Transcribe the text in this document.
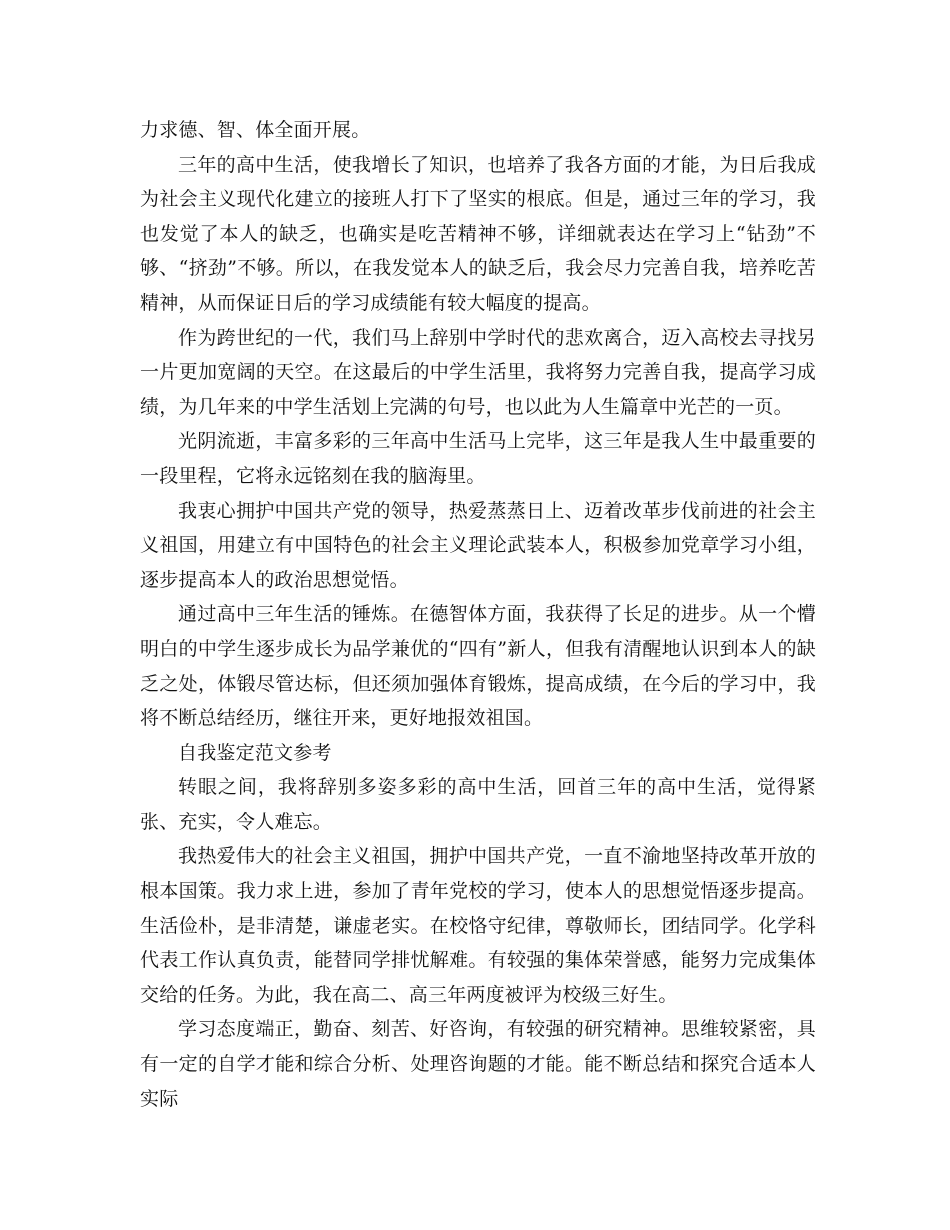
力求德、智、体全面开展。

三年的高中生活，使我增长了知识，也培养了我各方面的才能，为日后我成为社会主义现代化建立的接班人打下了坚实的根底。但是，通过三年的学习，我也发觉了本人的缺乏，也确实是吃苦精神不够，详细就表达在学习上“钻劲”不够、“挤劲”不够。所以，在我发觉本人的缺乏后，我会尽力完善自我，培养吃苦精神，从而保证日后的学习成绩能有较大幅度的提高。

作为跨世纪的一代，我们马上辞别中学时代的悲欢离合，迈入高校去寻找另一片更加宽阔的天空。在这最后的中学生活里，我将努力完善自我，提高学习成绩，为几年来的中学生活划上完满的句号，也以此为人生篇章中光芒的一页。

光阴流逝，丰富多彩的三年高中生活马上完毕，这三年是我人生中最重要的一段里程，它将永远铭刻在我的脑海里。

我衷心拥护中国共产党的领导，热爱蒸蒸日上、迈着改革步伐前进的社会主义祖国，用建立有中国特色的社会主义理论武装本人，积极参加党章学习小组，逐步提高本人的政治思想觉悟。

通过高中三年生活的锤炼。在德智体方面，我获得了长足的进步。从一个懵明白的中学生逐步成长为品学兼优的“四有”新人，但我有清醒地认识到本人的缺乏之处，体锻尽管达标，但还须加强体育锻炼，提高成绩，在今后的学习中，我将不断总结经历，继往开来，更好地报效祖国。

自我鉴定范文参考

转眼之间，我将辞别多姿多彩的高中生活，回首三年的高中生活，觉得紧张、充实，令人难忘。

我热爱伟大的社会主义祖国，拥护中国共产党，一直不渝地坚持改革开放的根本国策。我力求上进，参加了青年党校的学习，使本人的思想觉悟逐步提高。生活俭朴，是非清楚，谦虚老实。在校恪守纪律，尊敬师长，团结同学。化学科代表工作认真负责，能替同学排忧解难。有较强的集体荣誉感，能努力完成集体交给的任务。为此，我在高二、高三年两度被评为校级三好生。

学习态度端正，勤奋、刻苦、好咨询，有较强的研究精神。思维较紧密，具有一定的自学才能和综合分析、处理咨询题的才能。能不断总结和探究合适本人实际
